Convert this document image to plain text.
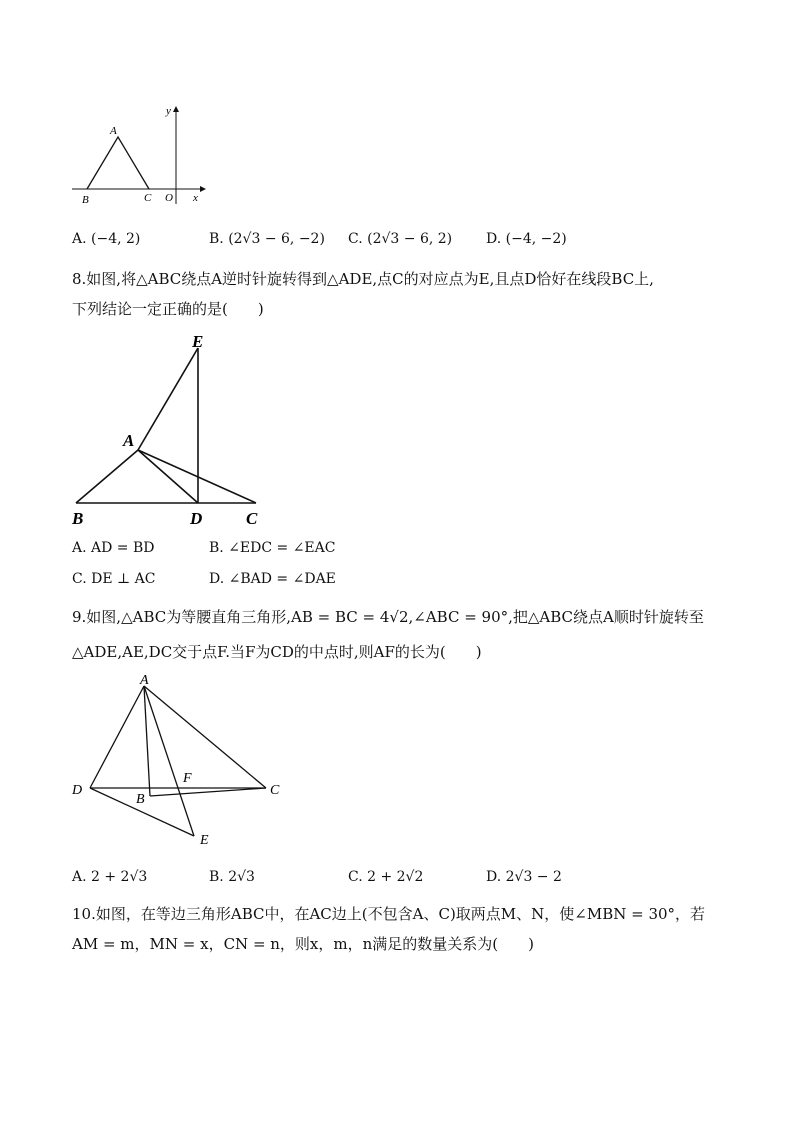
A
B	C O x
y
A. (−4, 2)	B. (2√3 − 6, −2) C. (2√3 − 6, 2) D. (−4, −2)
8.如图,将△ABC绕点A逆时针旋转得到△ADE,点C的对应点为E,且点D恰好在线段BC上,
下列结论一定正确的是(　　)
A
B	D	C
E
A. AD = BD	B. ∠EDC = ∠EAC
C. DE ⊥ AC	D. ∠BAD = ∠DAE
9.如图,△ABC为等腰直角三角形,AB = BC = 4√2,∠ABC = 90°,把△ABC绕点A顺时针旋转至
△ADE,AE,DC交于点F.当F为CD的中点时,则AF的长为(　　)
A
D
B
F
C
E
A. 2 + 2√3	B. 2√3	C. 2 + 2√2	D. 2√3 − 2
10.如图，在等边三角形ABC中，在AC边上(不包含A、C)取两点M、N，使∠MBN = 30°，若
AM = m，MN = x，CN = n，则x，m，n满足的数量关系为(　　)
